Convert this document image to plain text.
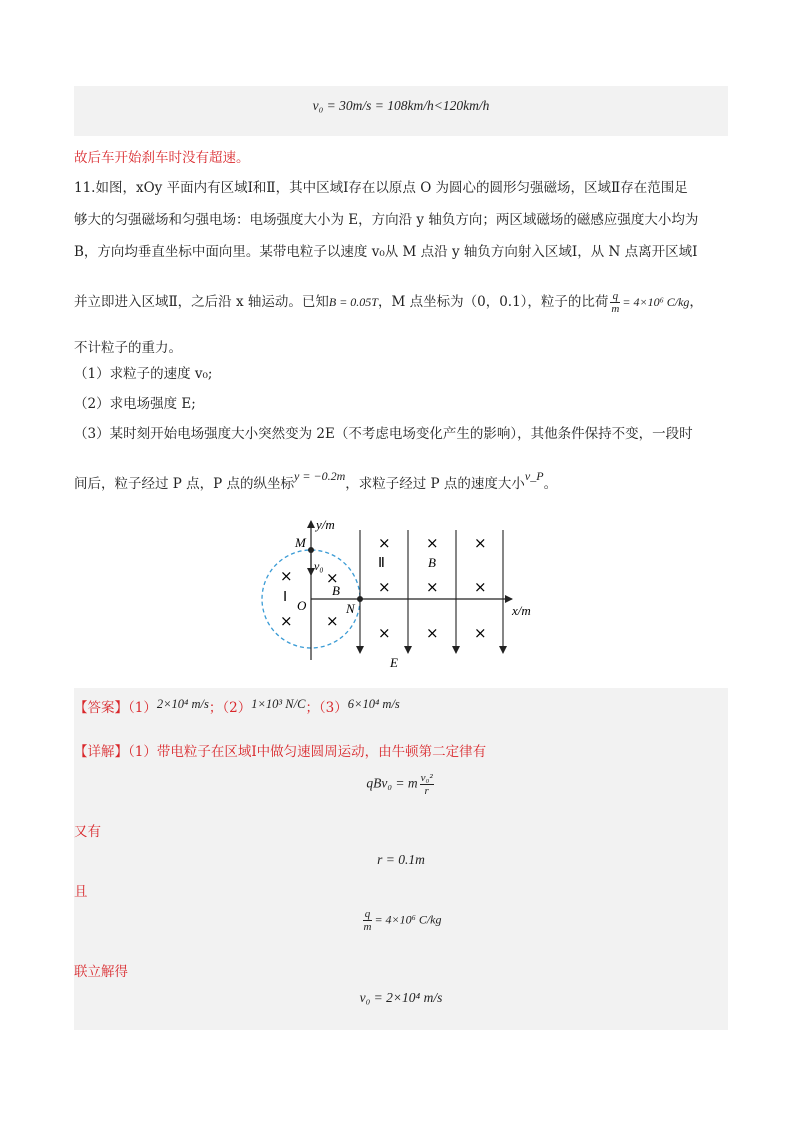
v₀ = 30m/s = 108km/h<120km/h
故后车开始刹车时没有超速。
11.如图，xOy 平面内有区域Ⅰ和Ⅱ，其中区域Ⅰ存在以原点 O 为圆心的圆形匀强磁场，区域Ⅱ存在范围足
够大的匀强磁场和匀强电场：电场强度大小为 E，方向沿 y 轴负方向；两区域磁场的磁感应强度大小均为
B，方向均垂直坐标中面向里。某带电粒子以速度 v₀从 M 点沿 y 轴负方向射入区域Ⅰ，从 N 点离开区域Ⅰ
并立即进入区域Ⅱ，之后沿 x 轴运动。已知B = 0.05T，M 点坐标为（0，0.1），粒子的比荷 $\frac{q}{m} = 4\times 10^6$ C/kg，
不计粒子的重力。
（1）求粒子的速度 v₀;
（2）求电场强度 E;
（3）某时刻开始电场强度大小突然变为 2E（不考虑电场变化产生的影响），其他条件保持不变，一段时
间后，粒子经过 P 点，P 点的纵坐标y = −0.2m，求粒子经过 P 点的速度大小v_P。
y/m
x/m
M
O	N
v₀
B
Ⅰ
Ⅱ	B
E
×
×
×
×
× × ×
× × ×
× × ×
【答案】（1）2×10⁴ m/s；（2）1×10³ N/C；（3）6×10⁴ m/s
【详解】（1）带电粒子在区域Ⅰ中做匀速圆周运动，由牛顿第二定律有
qBv₀ = m $\frac{\text{v₀²}}{r}$
又有
r = 0.1m
且
$\frac{q}{m} = 4\times 10^6$ C/kg
联立解得
v₀ = 2×10⁴ m/s
